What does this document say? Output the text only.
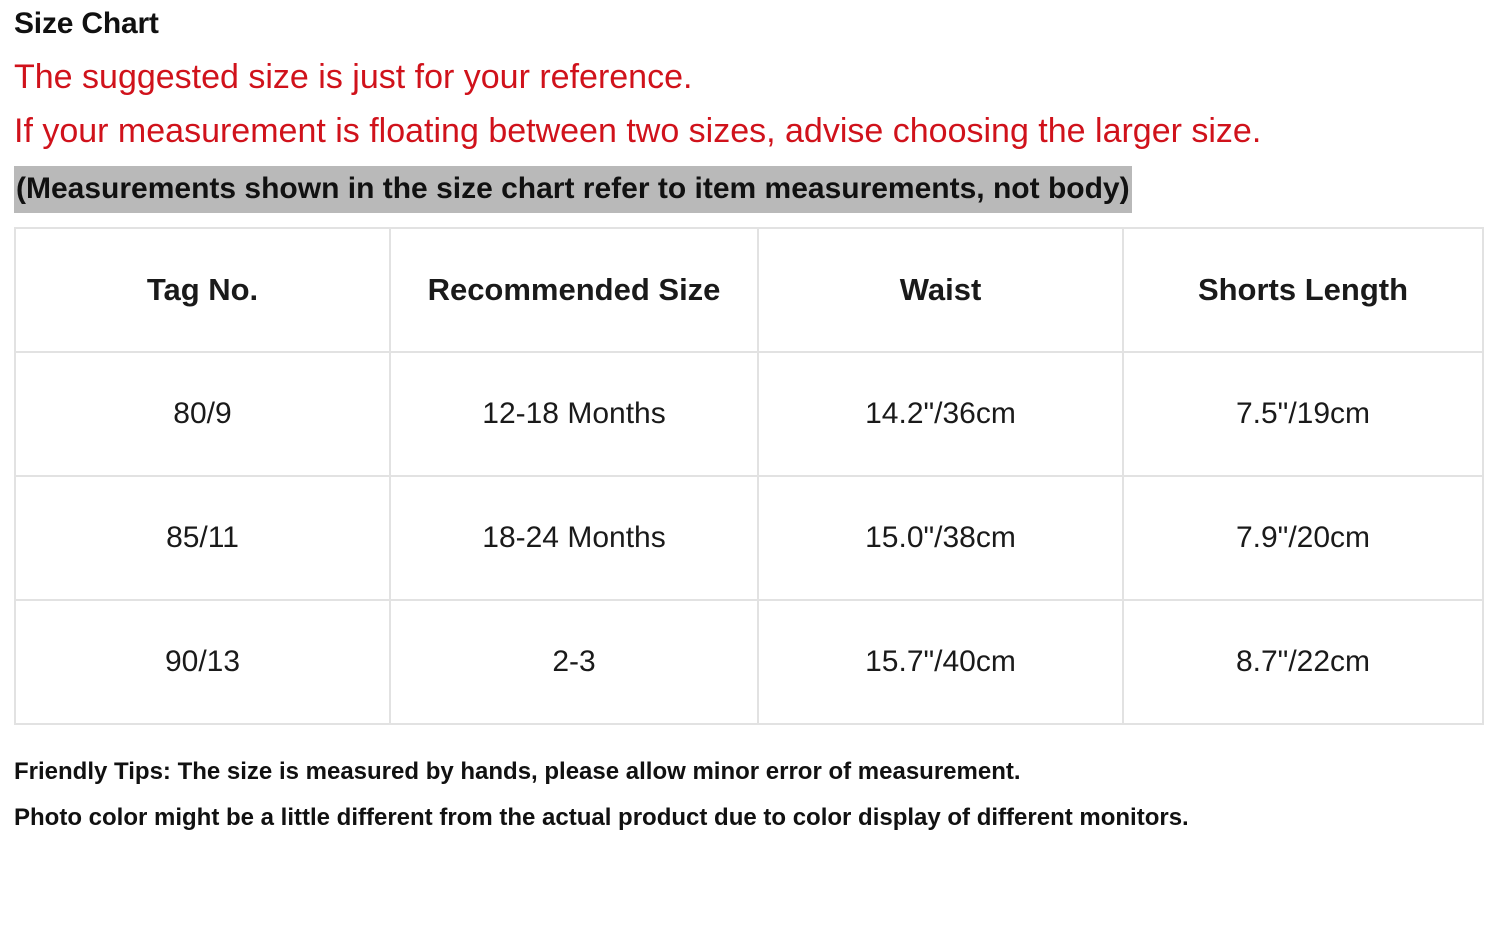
Size Chart
The suggested size is just for your reference.
If your measurement is floating between two sizes, advise choosing the larger size.
(Measurements shown in the size chart refer to item measurements, not body)
Tag No.	Recommended Size	Waist	Shorts Length
80/9	12-18 Months	14.2"/36cm	7.5"/19cm
85/11	18-24 Months	15.0"/38cm	7.9"/20cm
90/13	2-3	15.7"/40cm	8.7"/22cm
Friendly Tips: The size is measured by hands, please allow minor error of measurement.
Photo color might be a little different from the actual product due to color display of different monitors.
